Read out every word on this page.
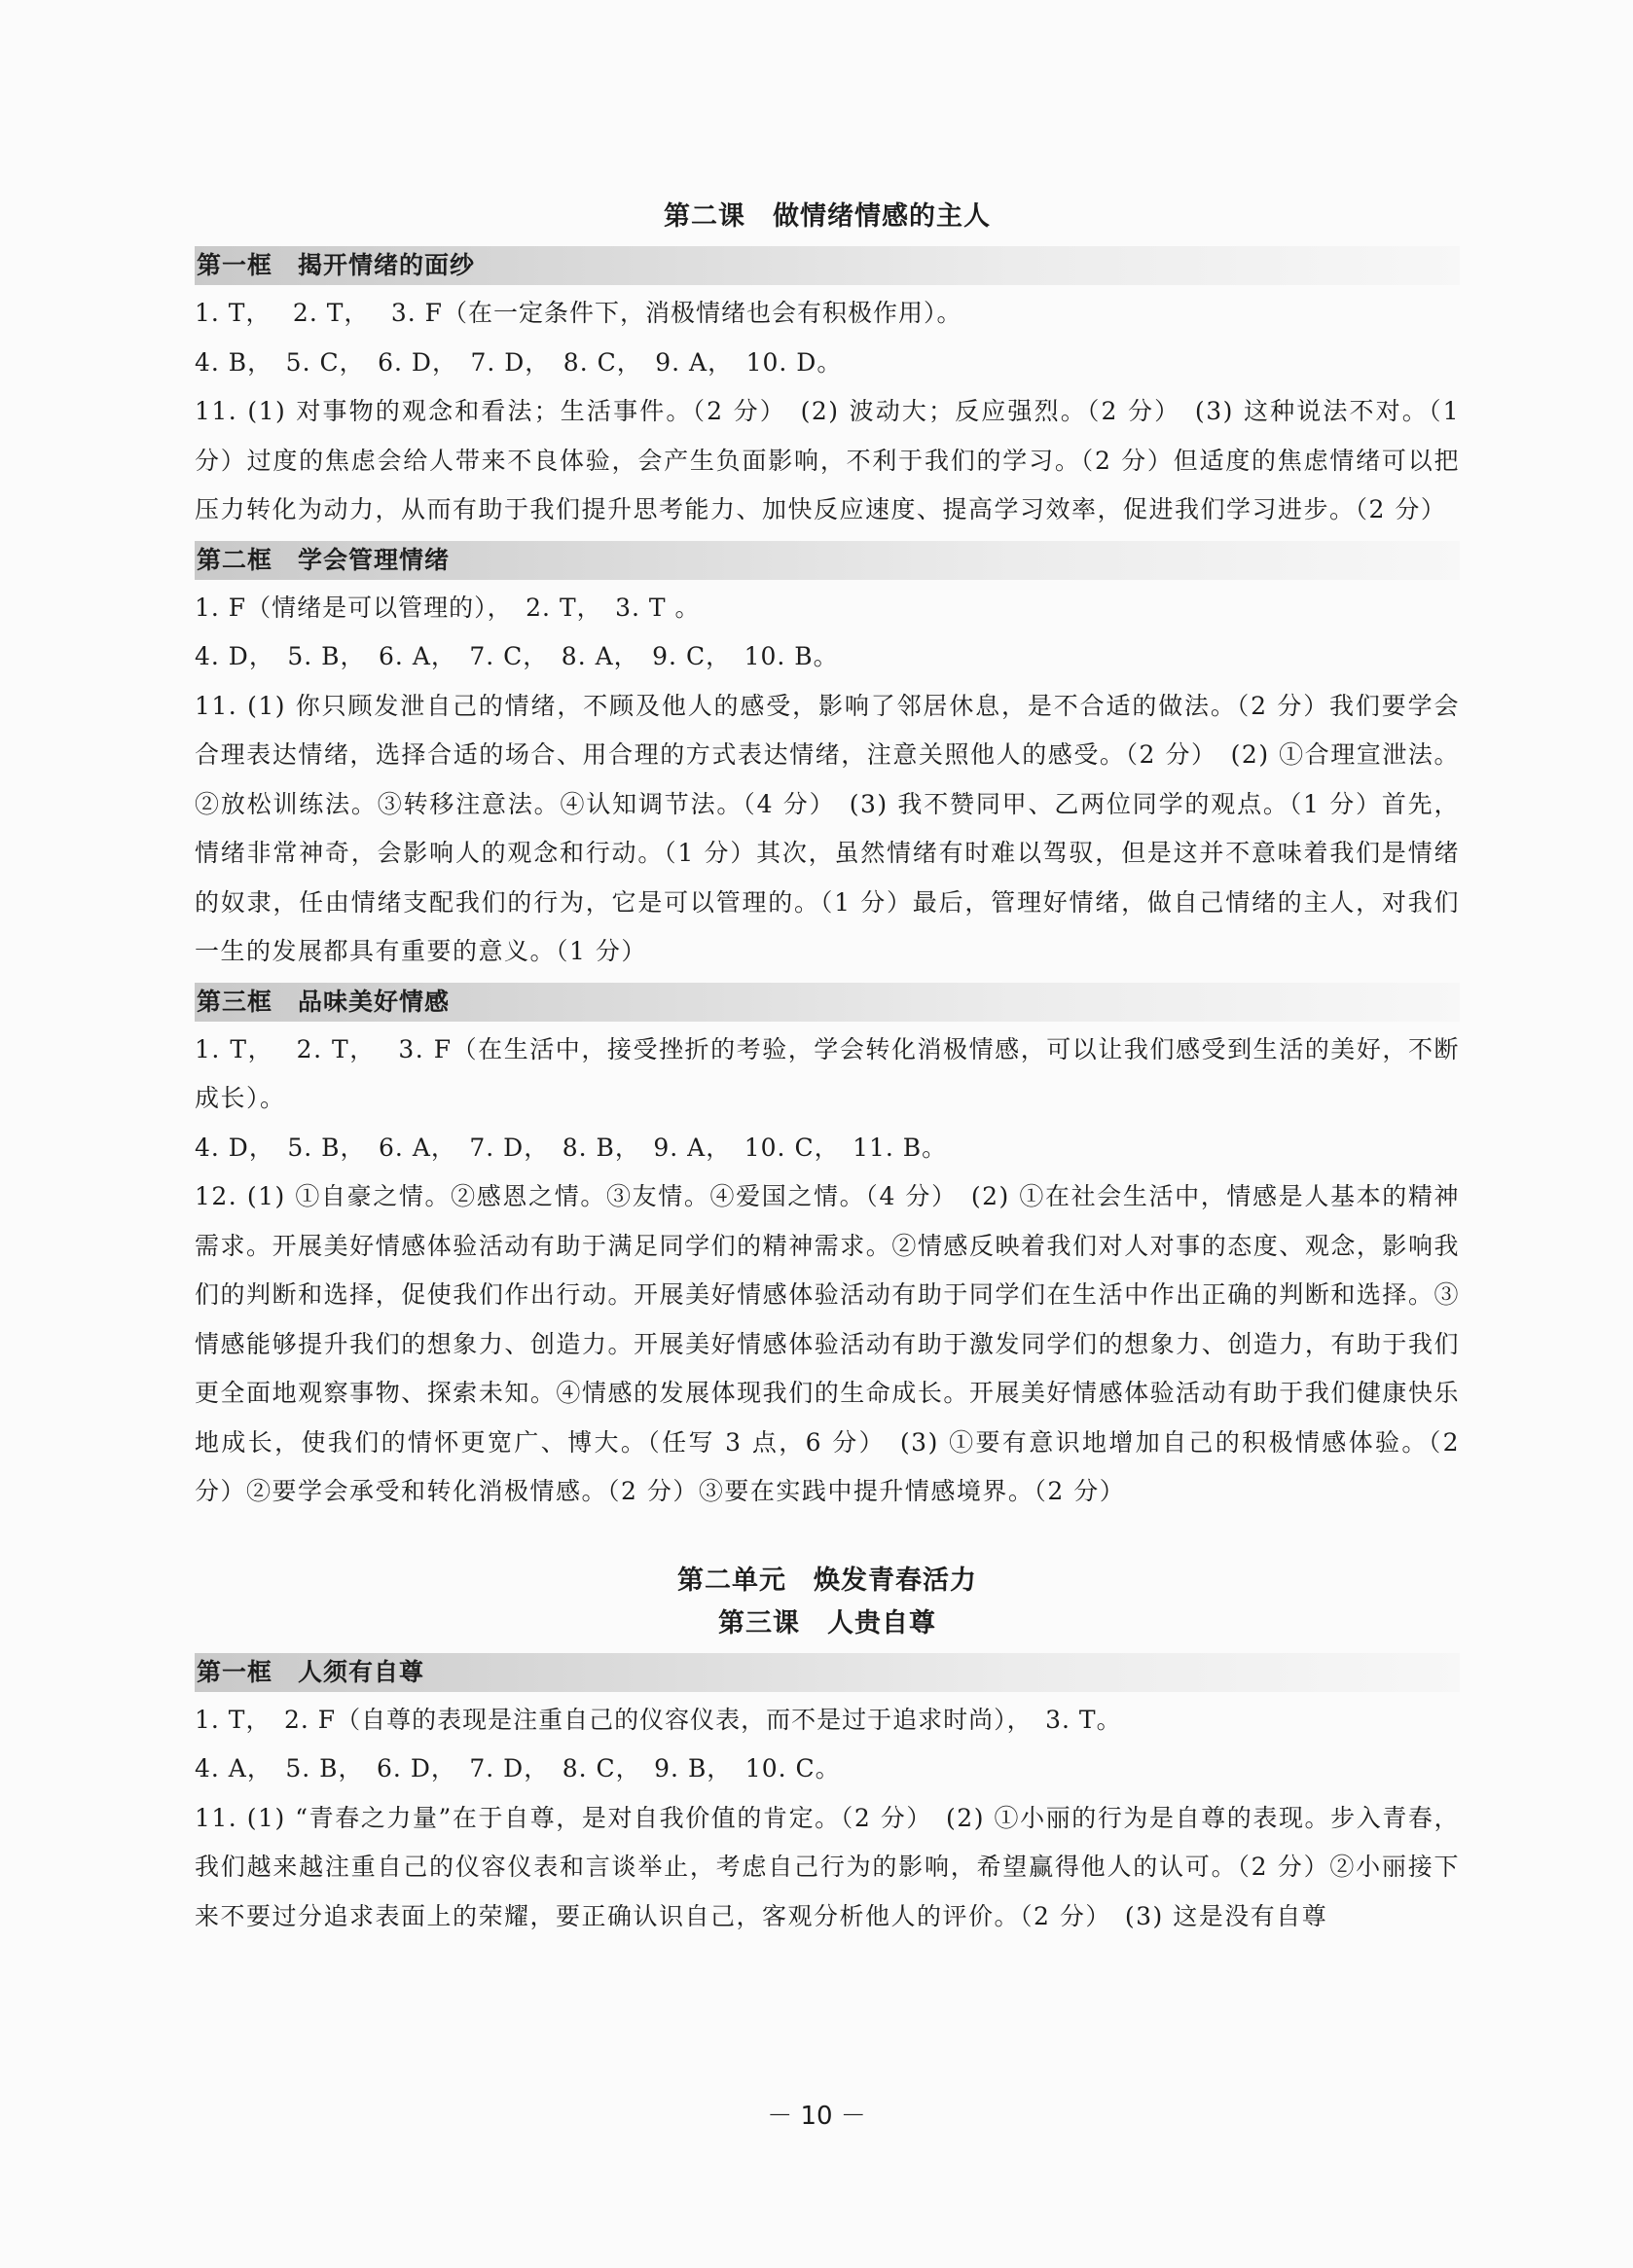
第二课　做情绪情感的主人
第一框　揭开情绪的面纱
1. T，　 2. T，　 3. F（在一定条件下，消极情绪也会有积极作用）。
4. B，　5. C，　6. D，　7. D，　8. C，　9. A，　10. D。

11. (1) 对事物的观念和看法；生活事件。（2 分）　(2) 波动大；反应强烈。（2 分）　(3) 这种说法不对。（1 分）过度的焦虑会给人带来不良体验，会产生负面影响，不利于我们的学习。（2 分）但适度的焦虑情绪可以把压力转化为动力，从而有助于我们提升思考能力、加快反应速度、提高学习效率，促进我们学习进步。（2 分）

第二框　学会管理情绪
1. F（情绪是可以管理的），　2. T，　3. T 。
4. D，　5. B，　6. A，　7. C，　8. A，　9. C，　10. B。

11. (1) 你只顾发泄自己的情绪，不顾及他人的感受，影响了邻居休息，是不合适的做法。（2 分）我们要学会合理表达情绪，选择合适的场合、用合理的方式表达情绪，注意关照他人的感受。（2 分）　(2) ①合理宣泄法。②放松训练法。③转移注意法。④认知调节法。（4 分）　(3) 我不赞同甲、乙两位同学的观点。（1 分）首先，情绪非常神奇，会影响人的观念和行动。（1 分）其次，虽然情绪有时难以驾驭，但是这并不意味着我们是情绪的奴隶，任由情绪支配我们的行为，它是可以管理的。（1 分）最后，管理好情绪，做自己情绪的主人，对我们一生的发展都具有重要的意义。（1 分）

第三框　品味美好情感

1. T，　 2. T，　 3. F（在生活中，接受挫折的考验，学会转化消极情感，可以让我们感受到生活的美好，不断成长）。

4. D，　5. B，　6. A，　7. D，　8. B，　9. A，　10. C，　11. B。

12. (1) ①自豪之情。②感恩之情。③友情。④爱国之情。（4 分）　(2) ①在社会生活中，情感是人基本的精神需求。开展美好情感体验活动有助于满足同学们的精神需求。②情感反映着我们对人对事的态度、观念，影响我们的判断和选择，促使我们作出行动。开展美好情感体验活动有助于同学们在生活中作出正确的判断和选择。③情感能够提升我们的想象力、创造力。开展美好情感体验活动有助于激发同学们的想象力、创造力，有助于我们更全面地观察事物、探索未知。④情感的发展体现我们的生命成长。开展美好情感体验活动有助于我们健康快乐地成长，使我们的情怀更宽广、博大。（任写 3 点，6 分）　(3) ①要有意识地增加自己的积极情感体验。（2 分）②要学会承受和转化消极情感。（2 分）③要在实践中提升情感境界。（2 分）

第二单元　焕发青春活力
第三课　人贵自尊
第一框　人须有自尊
1. T，　2. F（自尊的表现是注重自己的仪容仪表，而不是过于追求时尚），　3. T。
4. A，　5. B，　6. D，　7. D，　8. C，　9. B，　10. C。

11. (1) “青春之力量”在于自尊，是对自我价值的肯定。（2 分）　(2) ①小丽的行为是自尊的表现。步入青春，我们越来越注重自己的仪容仪表和言谈举止，考虑自己行为的影响，希望赢得他人的认可。（2 分）②小丽接下来不要过分追求表面上的荣耀，要正确认识自己，客观分析他人的评价。（2 分）　(3) 这是没有自尊

－ 10 －
